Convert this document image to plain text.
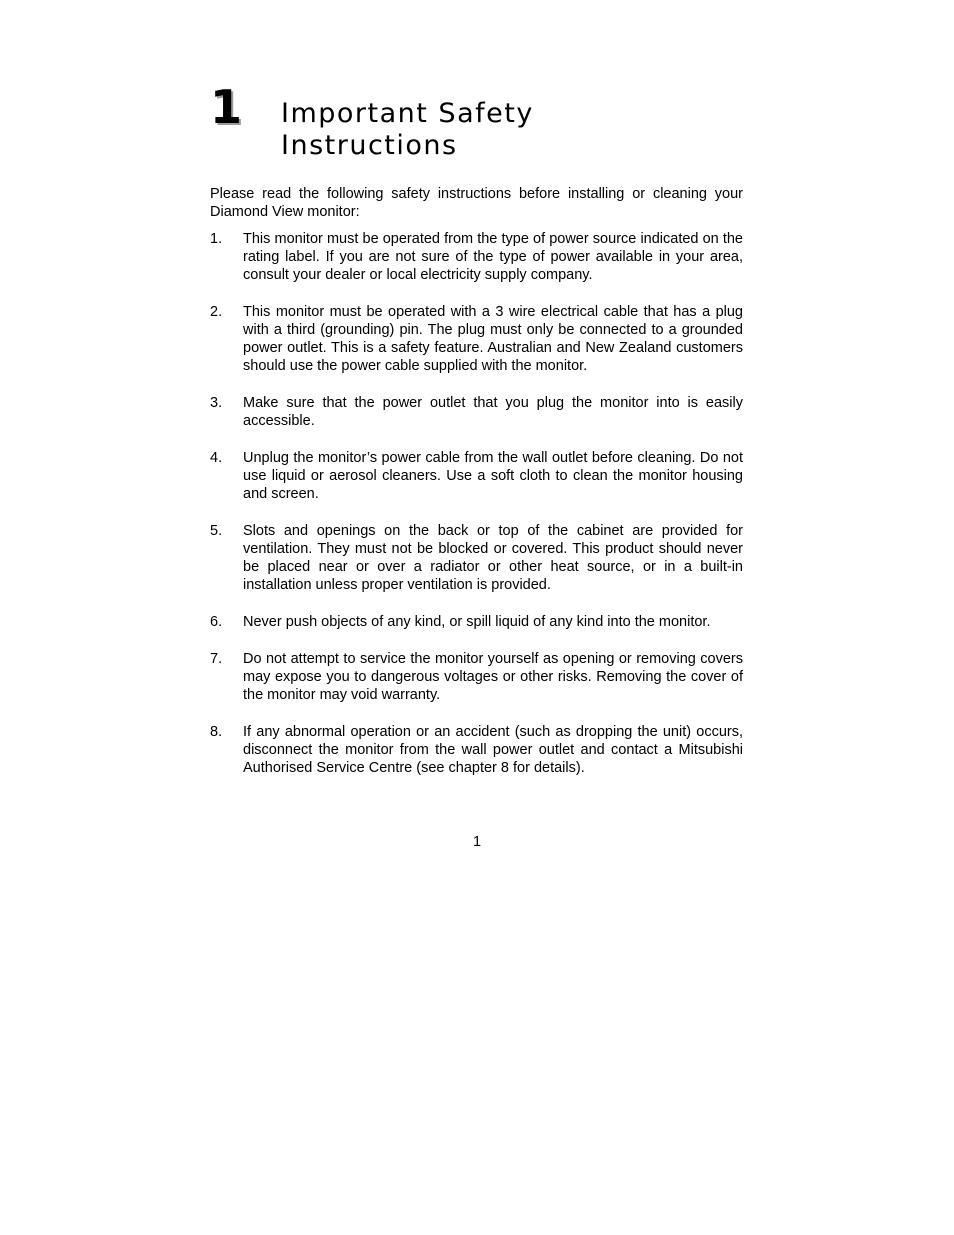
1 Important Safety
Instructions

Please read the following safety instructions before installing or cleaning your Diamond View monitor:

1. This monitor must be operated from the type of power source indicated on the rating label. If you are not sure of the type of power available in your area, consult your dealer or local electricity supply company.
2. This monitor must be operated with a 3 wire electrical cable that has a plug with a third (grounding) pin. The plug must only be connected to a grounded power outlet. This is a safety feature. Australian and New Zealand customers should use the power cable supplied with the monitor.
3. Make sure that the power outlet that you plug the monitor into is easily accessible.
4. Unplug the monitor’s power cable from the wall outlet before cleaning. Do not use liquid or aerosol cleaners. Use a soft cloth to clean the monitor housing and screen.
5. Slots and openings on the back or top of the cabinet are provided for ventilation. They must not be blocked or covered. This product should never be placed near or over a radiator or other heat source, or in a built-in installation unless proper ventilation is provided.
6. Never push objects of any kind, or spill liquid of any kind into the monitor.
7. Do not attempt to service the monitor yourself as opening or removing covers may expose you to dangerous voltages or other risks. Removing the cover of the monitor may void warranty.
8. If any abnormal operation or an accident (such as dropping the unit) occurs, disconnect the monitor from the wall power outlet and contact a Mitsubishi Authorised Service Centre (see chapter 8 for details).
1
